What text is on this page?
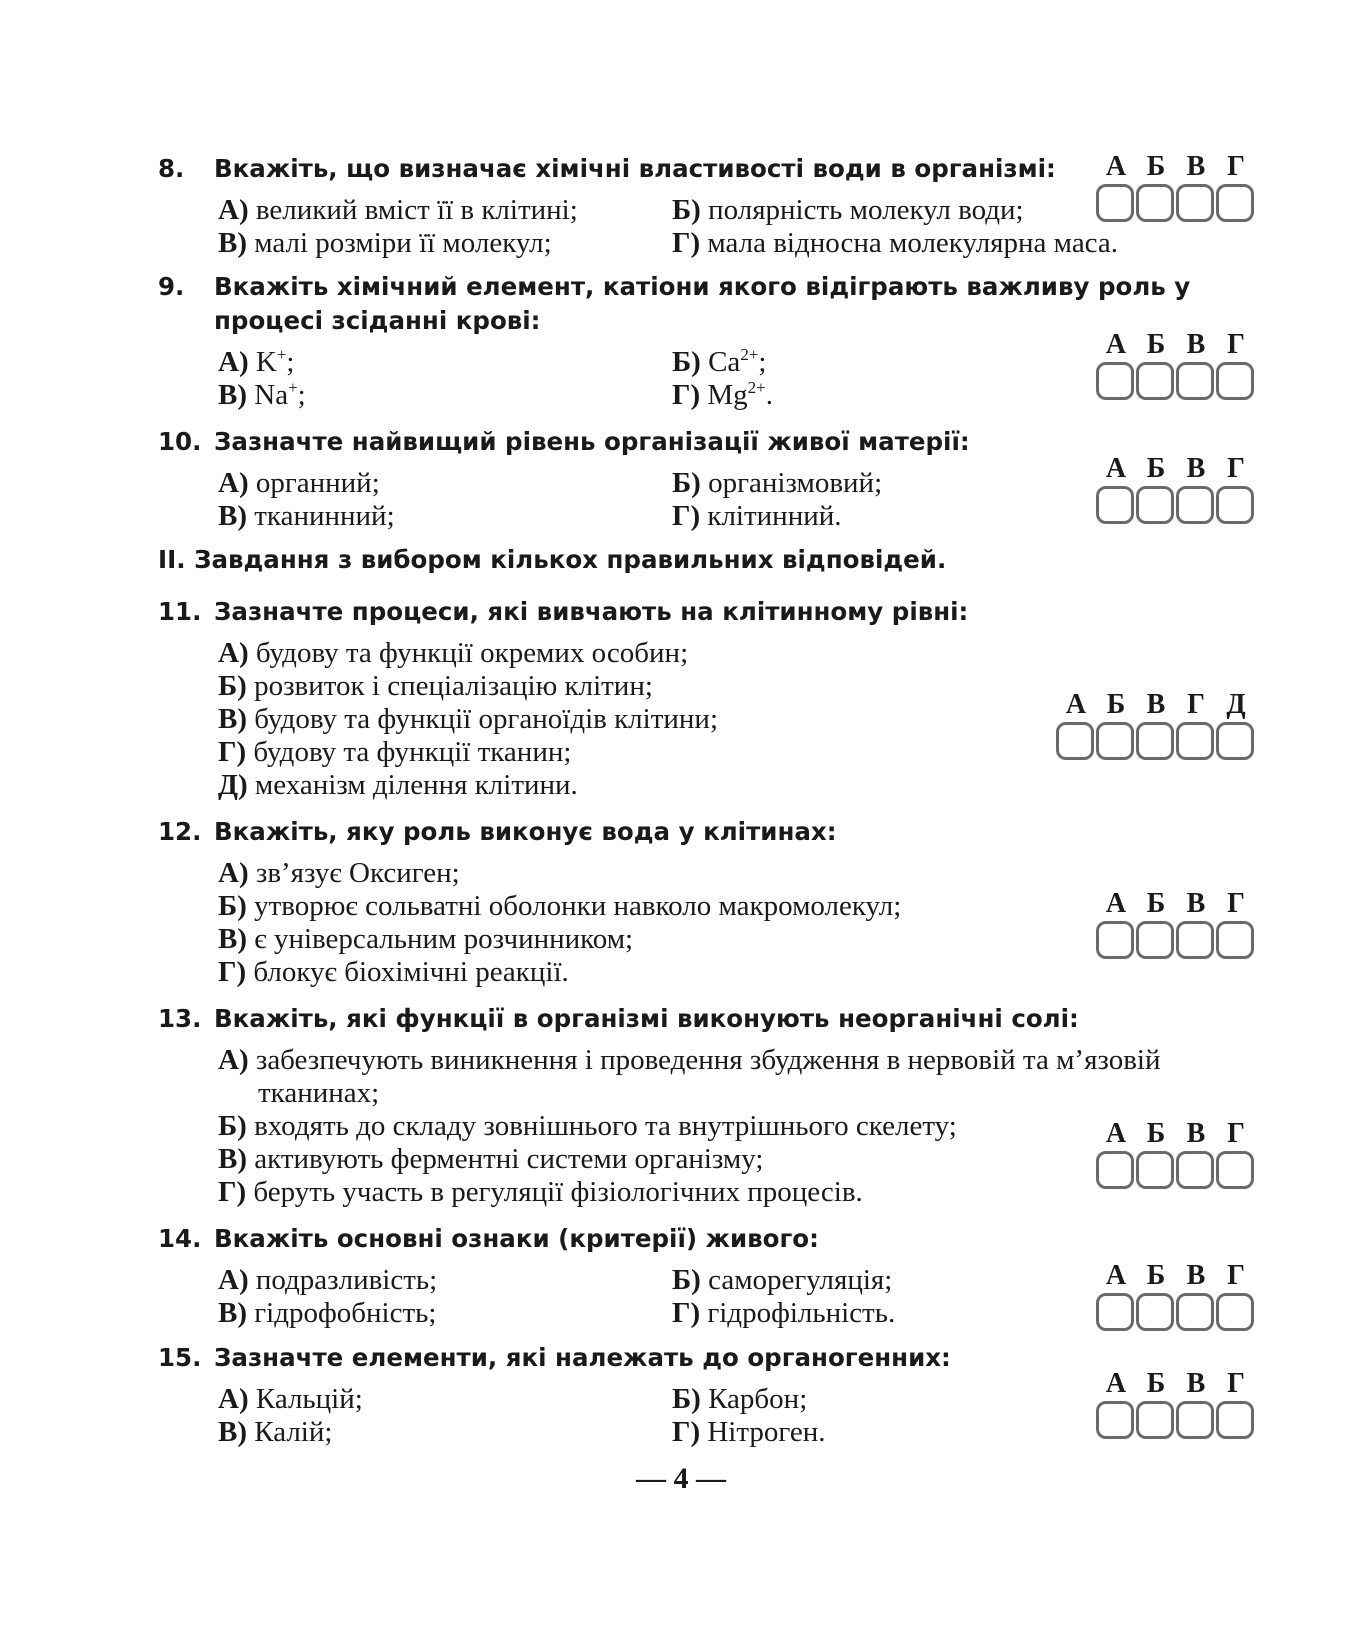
8. Вкажіть, що визначає хімічні властивості води в організмі:
А) великий вміст її в клітині;	Б) полярність молекул води;
В) малі розміри її молекул;	Г) мала відносна молекулярна маса.
А Б В Г
9.	Вкажіть хімічний елемент, катіони якого відіграють важливу роль у процесі зсіданні крові:
А) K+;	Б) $Ca^{2+}$;
В) Na+;	Г) $Mg^{2+}$.
А Б В Г
10. Зазначте найвищий рівень організації живої матерії:
А) органний;	Б) організмовий;
В) тканинний;	Г) клітинний.
А Б В Г
ІІ. Завдання з вибором кількох правильних відповідей.
11. Зазначте процеси, які вивчають на клітинному рівні:
А) будову та функції окремих особин;
Б) розвиток і спеціалізацію клітин;
В) будову та функції органоїдів клітини;
Г) будову та функції тканин;
Д) механізм ділення клітини.
А Б В Г Д
12. Вкажіть, яку роль виконує вода у клітинах:
А) зв’язує Оксиген;
Б) утворює сольватні оболонки навколо макромолекул;
В) є універсальним розчинником;
Г) блокує біохімічні реакції.
А Б В Г
13. Вкажіть, які функції в організмі виконують неорганічні солі:
А) забезпечують виникнення і проведення збудження в нервовій та м’язовій
тканинах;
Б) входять до складу зовнішнього та внутрішнього скелету;
В) активують ферментні системи організму;
Г) беруть участь в регуляції фізіологічних процесів.
А Б В Г
14. Вкажіть основні ознаки (критерії) живого:
А) подразливість;	Б) саморегуляція;
В) гідрофобність;	Г) гідрофільність.
А Б В Г
15. Зазначте елементи, які належать до органогенних:
А) Кальцій;	Б) Карбон;
В) Калій;	Г) Нітроген.
А Б В Г
— 4 —
